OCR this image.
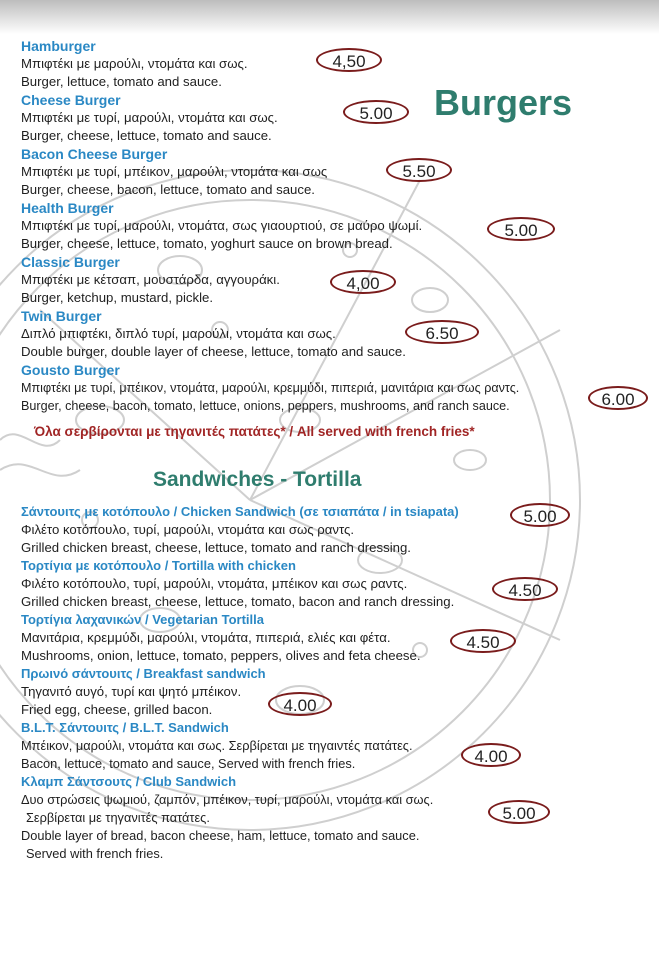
Burgers
Hamburger
Μπιφτέκι με μαρούλι, ντομάτα και σως.
Burger, lettuce, tomato and sauce.
4,50
Cheese Burger
Μπιφτέκι με τυρί, μαρούλι, ντομάτα και σως.
Burger, cheese, lettuce, tomato and sauce.
5.00
Bacon Cheese Burger
Μπιφτέκι με τυρί, μπέικον, μαρούλι, ντομάτα και σως
Burger, cheese, bacon, lettuce, tomato and sauce.
5.50
Health Burger
Μπιφτέκι με τυρί, μαρούλι, ντομάτα, σως γιαουρτιού, σε μαύρο ψωμί.
Burger, cheese, lettuce, tomato, yoghurt sauce on brown bread.
5.00
Classic Burger
Μπιφτέκι με κέτσαπ, μουστάρδα, αγγουράκι.
Burger, ketchup, mustard, pickle.
4,00
Twin Burger
Διπλό μπιφτέκι, διπλό τυρί, μαρούλι, ντομάτα και σως.
Double burger, double layer of cheese, lettuce, tomato and sauce.
6.50
Gousto Burger
Μπιφτέκι με τυρί, μπέικον, ντομάτα, μαρούλι, κρεμμύδι, πιπεριά, μανιτάρια και σως ραντς.
Burger, cheese, bacon, tomato, lettuce, onions, peppers, mushrooms, and ranch sauce.	6.00
Όλα σερβίρονται με τηγανιτές πατάτες* / All served with french fries*
Sandwiches - Tortilla
Σάντουιτς με κοτόπουλο / Chicken Sandwich (σε τσιαπάτα / in tsiapata)
Φιλέτο κοτόπουλο, τυρί, μαρούλι, ντομάτα και σως ραντς.
Grilled chicken breast, cheese, lettuce, tomato and ranch dressing.
5.00
Τορτίγια με κοτόπουλο / Tortilla with chicken
Φιλέτο κοτόπουλο, τυρί, μαρούλι, ντομάτα, μπέικον και σως ραντς.
Grilled chicken breast, cheese, lettuce, tomato, bacon and ranch dressing.
4.50
Τορτίγια λαχανικών / Vegetarian Tortilla
Μανιτάρια, κρεμμύδι, μαρούλι, ντομάτα, πιπεριά, ελιές και φέτα.
Mushrooms, onion, lettuce, tomato, peppers, olives and feta cheese.
4.50
Πρωινό σάντουιτς / Breakfast sandwich
Τηγανιτό αυγό, τυρί και ψητό μπέικον.
Fried egg, cheese, grilled bacon.	4.00
B.L.T. Σάντουιτς / B.L.T. Sandwich
Μπέικον, μαρούλι, ντομάτα και σως. Σερβίρεται με τηγαιντές πατάτες.
Bacon, lettuce, tomato and sauce, Served with french fries.	4.00
Κλαμπ Σάντσουτς / Club Sandwich
Δυο στρώσεις ψωμιού, ζαμπόν, μπέικον, τυρί, μαρούλι, ντομάτα και σως.
Σερβίρεται με τηγανιτές πατάτες.
Double layer of bread, bacon cheese, ham, lettuce, tomato and sauce.
Served with french fries.
5.00
